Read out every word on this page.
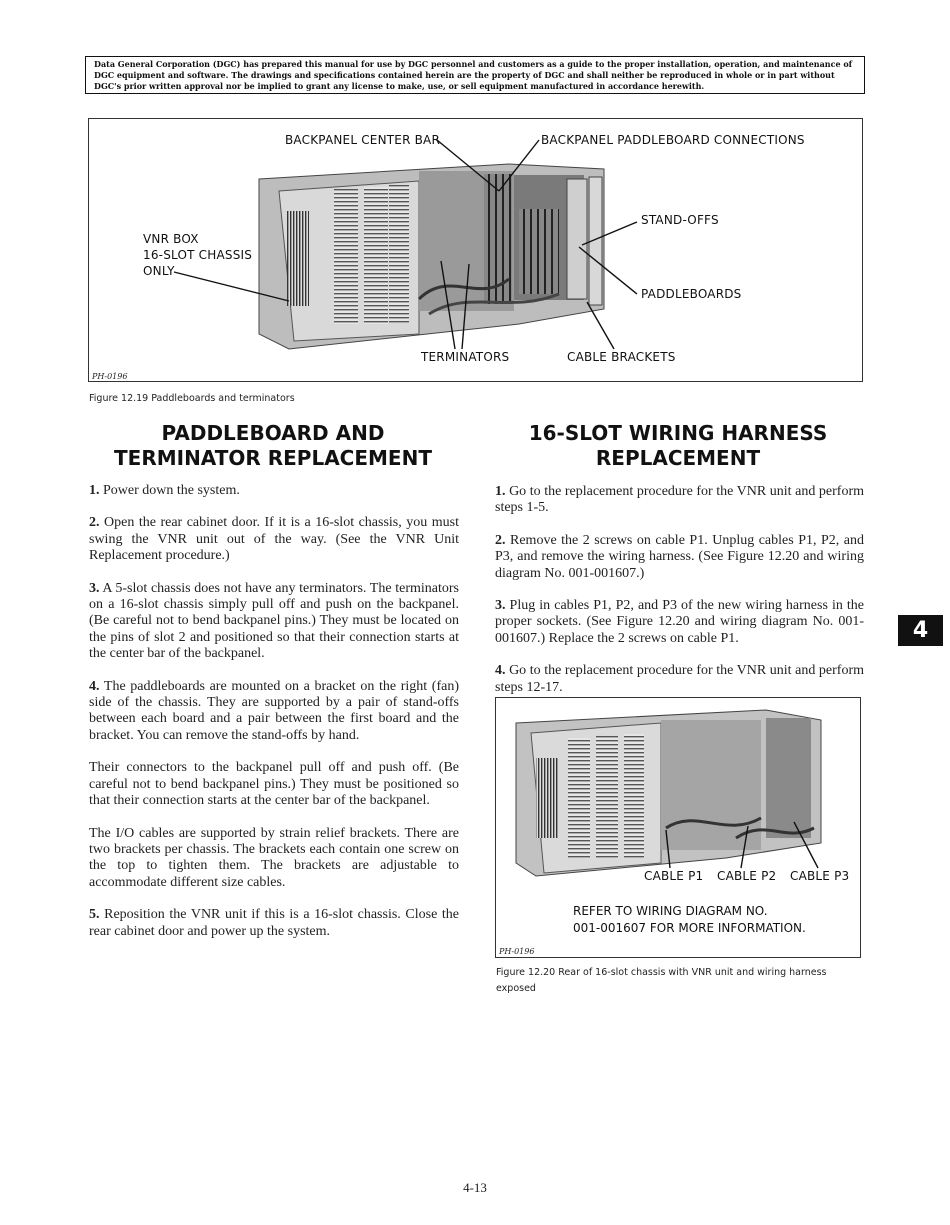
Data General Corporation (DGC) has prepared this manual for use by DGC personnel and customers as a guide to the proper installation, operation, and maintenance of DGC equipment and software. The drawings and specifications contained herein are the property of DGC and shall neither be reproduced in whole or in part without DGC's prior written approval nor be implied to grant any license to make, use, or sell equipment manufactured in accordance herewith.
BACKPANEL CENTER BAR	BACKPANEL PADDLEBOARD CONNECTIONS
STAND-OFFS
VNR BOX
16-SLOT CHASSIS
ONLY
PADDLEBOARDS
TERMINATORS	CABLE BRACKETS
PH-0196
Figure 12.19 Paddleboards and terminators
PADDLEBOARD AND
TERMINATOR REPLACEMENT

1. Power down the system.

2. Open the rear cabinet door. If it is a 16-slot chassis, you must swing the VNR unit out of the way. (See the VNR Unit Replacement procedure.)

3. A 5-slot chassis does not have any terminators. The terminators on a 16-slot chassis simply pull off and push on the backpanel. (Be careful not to bend backpanel pins.) They must be located on the pins of slot 2 and positioned so that their connection starts at the center bar of the backpanel.

4. The paddleboards are mounted on a bracket on the right (fan) side of the chassis. They are supported by a pair of stand-offs between each board and a pair between the first board and the bracket. You can remove the stand-offs by hand.

Their connectors to the backpanel pull off and push off. (Be careful not to bend backpanel pins.) They must be positioned so that their connection starts at the center bar of the backpanel.

The I/O cables are supported by strain relief brackets. There are two brackets per chassis. The brackets each contain one screw on the top to tighten them. The brackets are adjustable to accommodate different size cables.

5. Reposition the VNR unit if this is a 16-slot chassis. Close the rear cabinet door and power up the system.

16-SLOT WIRING HARNESS
REPLACEMENT

1. Go to the replacement procedure for the VNR unit and perform steps 1-5.

2. Remove the 2 screws on cable P1. Unplug cables P1, P2, and P3, and remove the wiring harness. (See Figure 12.20 and wiring diagram No. 001-001607.)

3. Plug in cables P1, P2, and P3 of the new wiring harness in the proper sockets. (See Figure 12.20 and wiring diagram No. 001-001607.) Replace the 2 screws on cable P1.

4. Go to the replacement procedure for the VNR unit and perform steps 12-17.

CABLE P1 CABLE P2 CABLE P3
REFER TO WIRING DIAGRAM NO.
001-001607 FOR MORE INFORMATION.
PH-0196
Figure 12.20 Rear of 16-slot chassis with VNR unit and wiring harness
exposed
4
4-13
